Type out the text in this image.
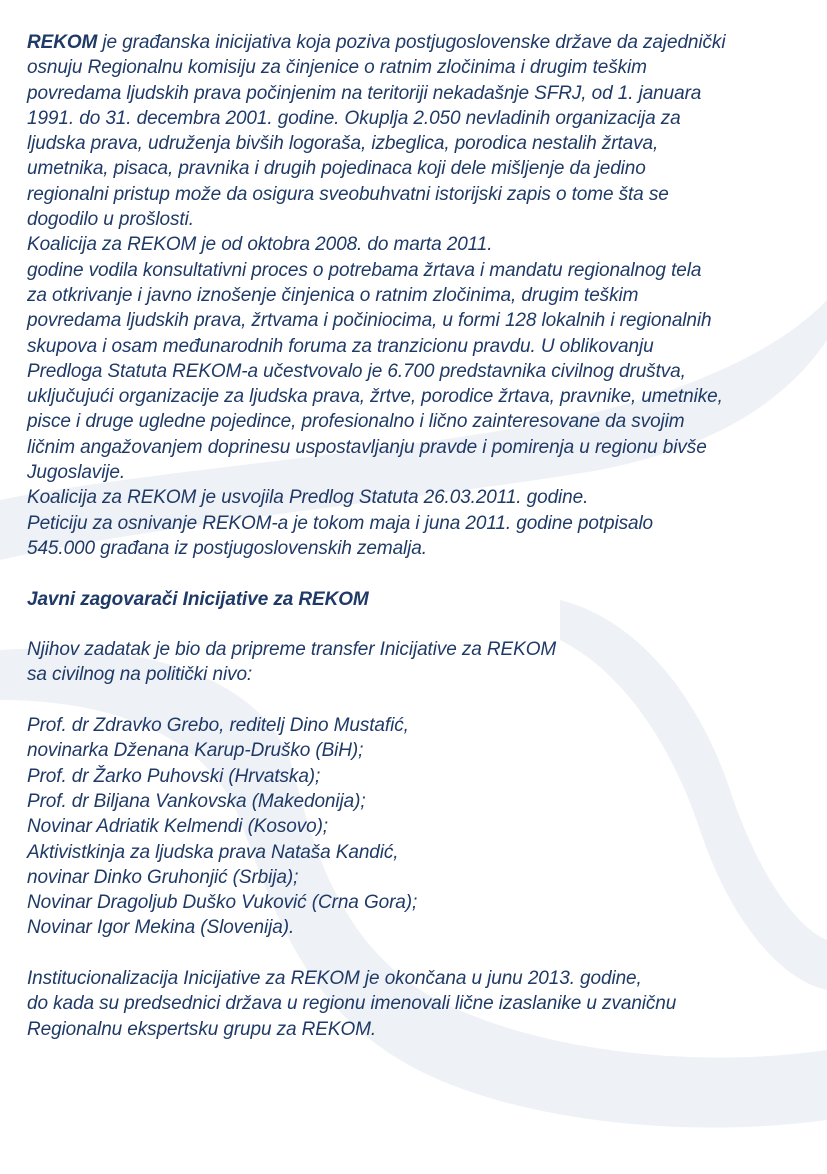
REKOM je građanska inicijativa koja poziva postjugoslovenske države da zajednički
osnuju Regionalnu komisiju za činjenice o ratnim zločinima i drugim teškim
povredama ljudskih prava počinjenim na teritoriji nekadašnje SFRJ, od 1. januara
1991. do 31. decembra 2001. godine. Okuplja 2.050 nevladinih organizacija za
ljudska prava, udruženja bivših logoraša, izbeglica, porodica nestalih žrtava,
umetnika, pisaca, pravnika i drugih pojedinaca koji dele mišljenje da jedino
regionalni pristup može da osigura sveobuhvatni istorijski zapis o tome šta se
dogodilo u prošlosti.
Koalicija za REKOM je od oktobra 2008. do marta 2011.
godine vodila konsultativni proces o potrebama žrtava i mandatu regionalnog tela
za otkrivanje i javno iznošenje činjenica o ratnim zločinima, drugim teškim
povredama ljudskih prava, žrtvama i počiniocima, u formi 128 lokalnih i regionalnih
skupova i osam međunarodnih foruma za tranzicionu pravdu. U oblikovanju
Predloga Statuta REKOM-a učestvovalo je 6.700 predstavnika civilnog društva,
uključujući organizacije za ljudska prava, žrtve, porodice žrtava, pravnike, umetnike,
pisce i druge ugledne pojedince, profesionalno i lično zainteresovane da svojim
ličnim angažovanjem doprinesu uspostavljanju pravde i pomirenja u regionu bivše
Jugoslavije.
Koalicija za REKOM je usvojila Predlog Statuta 26.03.2011. godine.
Peticiju za osnivanje REKOM-a je tokom maja i juna 2011. godine potpisalo
545.000 građana iz postjugoslovenskih zemalja.
Javni zagovarači Inicijative za REKOM
Njihov zadatak je bio da pripreme transfer Inicijative za REKOM
sa civilnog na politički nivo:
Prof. dr Zdravko Grebo, reditelj Dino Mustafić,
novinarka Dženana Karup-Druško (BiH);
Prof. dr Žarko Puhovski (Hrvatska);
Prof. dr Biljana Vankovska (Makedonija);
Novinar Adriatik Kelmendi (Kosovo);
Aktivistkinja za ljudska prava Nataša Kandić,
novinar Dinko Gruhonjić (Srbija);
Novinar Dragoljub Duško Vuković (Crna Gora);
Novinar Igor Mekina (Slovenija).
Institucionalizacija Inicijative za REKOM je okončana u junu 2013. godine,
do kada su predsednici država u regionu imenovali lične izaslanike u zvaničnu
Regionalnu ekspertsku grupu za REKOM.
